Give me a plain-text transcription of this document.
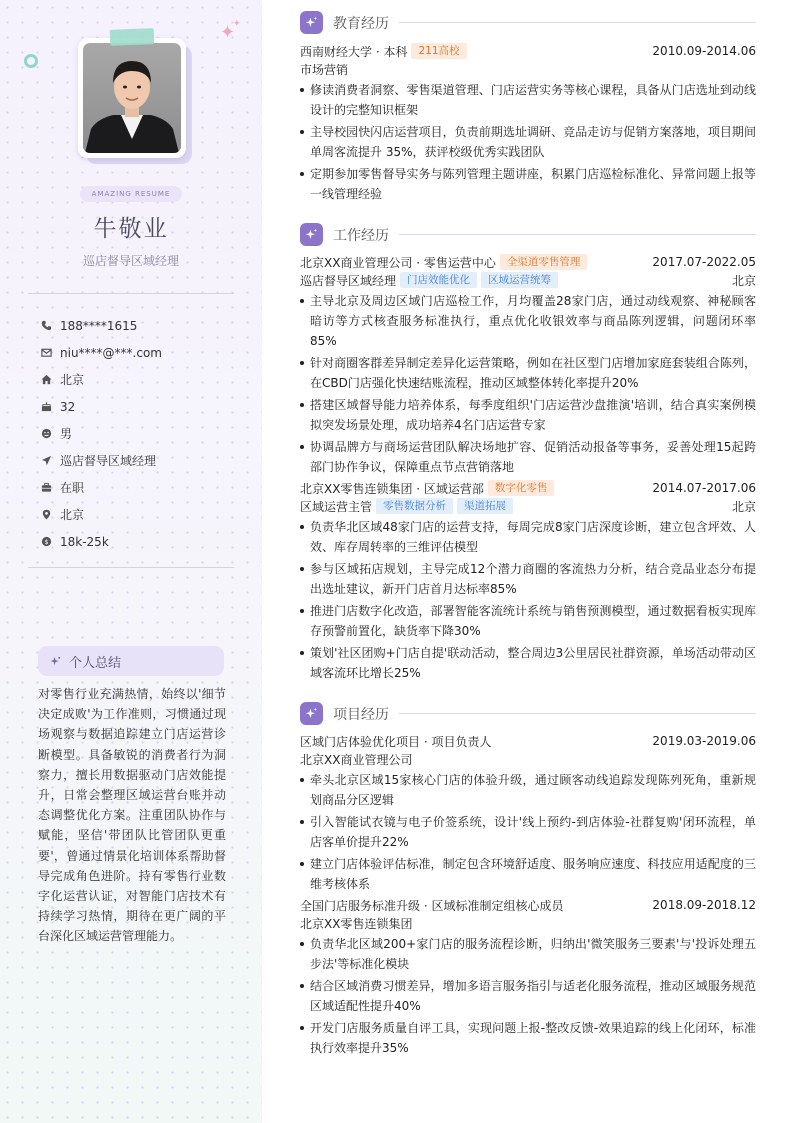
✦
✦
AMAZING RESUME
牛敬业
巡店督导区域经理
188****1615
niu****@***.com
北京
32
男
巡店督导区域经理
在职
北京
$ 18k-25k
个人总结
对零售行业充满热情，始终以'细节决定成败'为工作准则，习惯通过现场观察与数据追踪建立门店运营诊断模型。具备敏锐的消费者行为洞察力，擅长用数据驱动门店效能提升，日常会整理区域运营台账并动态调整优化方案。注重团队协作与赋能，坚信'带团队比管团队更重要'，曾通过情景化培训体系帮助督导完成角色进阶。持有零售行业数字化运营认证，对智能门店技术有持续学习热情，期待在更广阔的平台深化区域运营管理能力。
教育经历
西南财经大学 · 本科	211高校	2010.09-2014.06
市场营销
修读消费者洞察、零售渠道管理、门店运营实务等核心课程，具备从门店选址到动线设计的完整知识框架
主导校园快闪店运营项目，负责前期选址调研、竞品走访与促销方案落地，项目期间单周客流提升 35%，获评校级优秀实践团队
定期参加零售督导实务与陈列管理主题讲座，积累门店巡检标准化、异常问题上报等一线管理经验
工作经历
北京XX商业管理公司 · 零售运营中心	全渠道零售管理	2017.07-2022.05
巡店督导区域经理	门店效能优化	区域运营统筹	北京
主导北京及周边区域门店巡检工作，月均覆盖28家门店，通过动线观察、神秘顾客暗访等方式核查服务标准执行，重点优化收银效率与商品陈列逻辑，问题闭环率85%
针对商圈客群差异制定差异化运营策略，例如在社区型门店增加家庭套装组合陈列，在CBD门店强化快速结账流程，推动区域整体转化率提升20%
搭建区域督导能力培养体系，每季度组织'门店运营沙盘推演'培训，结合真实案例模拟突发场景处理，成功培养4名门店运营专家
协调品牌方与商场运营团队解决场地扩容、促销活动报备等事务，妥善处理15起跨部门协作争议，保障重点节点营销落地
北京XX零售连锁集团 · 区域运营部	数字化零售	2014.07-2017.06
区域运营主管	零售数据分析	渠道拓展	北京
负责华北区域48家门店的运营支持，每周完成8家门店深度诊断，建立包含坪效、人效、库存周转率的三维评估模型
参与区域拓店规划，主导完成12个潜力商圈的客流热力分析，结合竞品业态分布提出选址建议，新开门店首月达标率85%
推进门店数字化改造，部署智能客流统计系统与销售预测模型，通过数据看板实现库存预警前置化，缺货率下降30%
策划'社区团购+门店自提'联动活动，整合周边3公里居民社群资源，单场活动带动区域客流环比增长25%
项目经历
区域门店体验优化项目 · 项目负责人	2019.03-2019.06
北京XX商业管理公司
牵头北京区域15家核心门店的体验升级，通过顾客动线追踪发现陈列死角，重新规划商品分区逻辑
引入智能试衣镜与电子价签系统，设计'线上预约-到店体验-社群复购'闭环流程，单店客单价提升22%
建立门店体验评估标准，制定包含环境舒适度、服务响应速度、科技应用适配度的三维考核体系
全国门店服务标准升级 · 区域标准制定组核心成员	2018.09-2018.12
北京XX零售连锁集团
负责华北区域200+家门店的服务流程诊断，归纳出'微笑服务三要素'与'投诉处理五步法'等标准化模块
结合区域消费习惯差异，增加多语言服务指引与适老化服务流程，推动区域服务规范区域适配性提升40%
开发门店服务质量自评工具，实现问题上报-整改反馈-效果追踪的线上化闭环，标准执行效率提升35%
